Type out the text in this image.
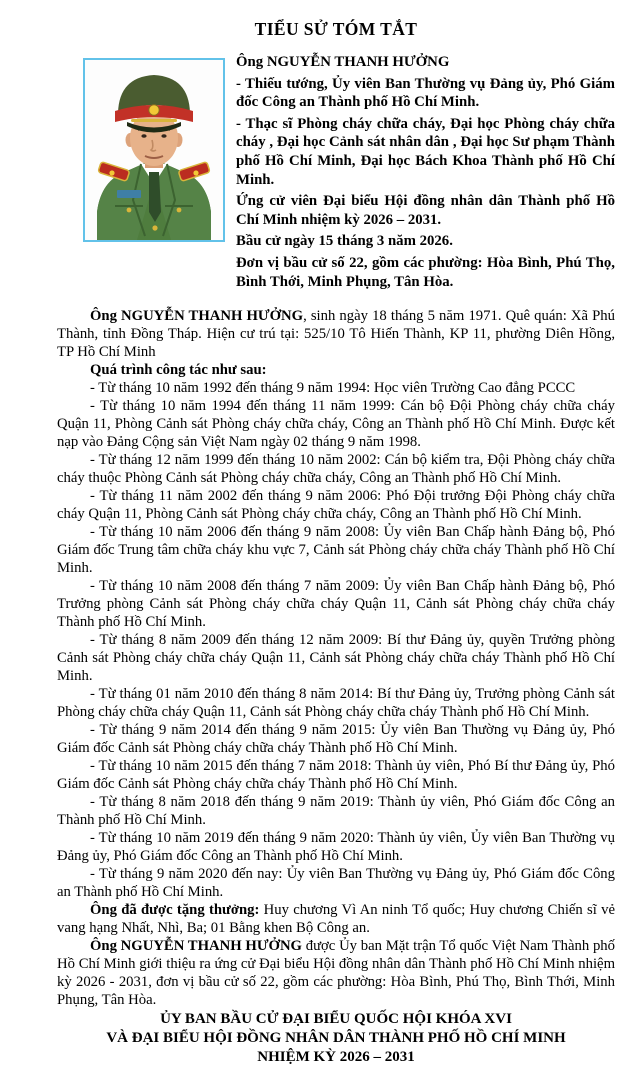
TIỂU SỬ TÓM TẮT

Ông NGUYỄN THANH HƯỞNG

- Thiếu tướng, Ủy viên Ban Thường vụ Đảng ủy, Phó Giám đốc Công an Thành phố Hồ Chí Minh.

- Thạc sĩ Phòng cháy chữa cháy, Đại học Phòng cháy chữa cháy , Đại học Cảnh sát nhân dân , Đại học Sư phạm Thành phố Hồ Chí Minh, Đại học Bách Khoa Thành phố Hồ Chí Minh.

Ứng cử viên Đại biểu Hội đồng nhân dân Thành phố Hồ Chí Minh nhiệm kỳ 2026 – 2031.

Bầu cử ngày 15 tháng 3 năm 2026.

Đơn vị bầu cử số 22, gồm các phường: Hòa Bình, Phú Thọ, Bình Thới, Minh Phụng, Tân Hòa.

Ông NGUYỄN THANH HƯỞNG, sinh ngày 18 tháng 5 năm 1971. Quê quán: Xã Phú Thành, tỉnh Đồng Tháp. Hiện cư trú tại: 525/10 Tô Hiến Thành, KP 11, phường Diên Hồng, TP Hồ Chí Minh

Quá trình công tác như sau:

- Từ tháng 10 năm 1992 đến tháng 9 năm 1994: Học viên Trường Cao đẳng PCCC

- Từ tháng 10 năm 1994 đến tháng 11 năm 1999: Cán bộ Đội Phòng cháy chữa cháy Quận 11, Phòng Cảnh sát Phòng cháy chữa cháy, Công an Thành phố Hồ Chí Minh. Được kết nạp vào Đảng Cộng sản Việt Nam ngày 02 tháng 9 năm 1998.

- Từ tháng 12 năm 1999 đến tháng 10 năm 2002: Cán bộ kiểm tra, Đội Phòng cháy chữa cháy thuộc Phòng Cảnh sát Phòng cháy chữa cháy, Công an Thành phố Hồ Chí Minh.

- Từ tháng 11 năm 2002 đến tháng 9 năm 2006: Phó Đội trưởng Đội Phòng cháy chữa cháy Quận 11, Phòng Cảnh sát Phòng cháy chữa cháy, Công an Thành phố Hồ Chí Minh.

- Từ tháng 10 năm 2006 đến tháng 9 năm 2008: Ủy viên Ban Chấp hành Đảng bộ, Phó Giám đốc Trung tâm chữa cháy khu vực 7, Cảnh sát Phòng cháy chữa cháy Thành phố Hồ Chí Minh.

- Từ tháng 10 năm 2008 đến tháng 7 năm 2009: Ủy viên Ban Chấp hành Đảng bộ, Phó Trưởng phòng Cảnh sát Phòng cháy chữa cháy Quận 11, Cảnh sát Phòng cháy chữa cháy Thành phố Hồ Chí Minh.

- Từ tháng 8 năm 2009 đến tháng 12 năm 2009: Bí thư Đảng ủy, quyền Trưởng phòng Cảnh sát Phòng cháy chữa cháy Quận 11, Cảnh sát Phòng cháy chữa cháy Thành phố Hồ Chí Minh.

- Từ tháng 01 năm 2010 đến tháng 8 năm 2014: Bí thư Đảng ủy, Trưởng phòng Cảnh sát Phòng cháy chữa cháy Quận 11, Cảnh sát Phòng cháy chữa cháy Thành phố Hồ Chí Minh.

- Từ tháng 9 năm 2014 đến tháng 9 năm 2015: Ủy viên Ban Thường vụ Đảng ủy, Phó Giám đốc Cảnh sát Phòng cháy chữa cháy Thành phố Hồ Chí Minh.

- Từ tháng 10 năm 2015 đến tháng 7 năm 2018: Thành ủy viên, Phó Bí thư Đảng ủy, Phó Giám đốc Cảnh sát Phòng cháy chữa cháy Thành phố Hồ Chí Minh.

- Từ tháng 8 năm 2018 đến tháng 9 năm 2019: Thành ủy viên, Phó Giám đốc Công an Thành phố Hồ Chí Minh.

- Từ tháng 10 năm 2019 đến tháng 9 năm 2020: Thành ủy viên, Ủy viên Ban Thường vụ Đảng ủy, Phó Giám đốc Công an Thành phố Hồ Chí Minh.

- Từ tháng 9 năm 2020 đến nay: Ủy viên Ban Thường vụ Đảng ủy, Phó Giám đốc Công an Thành phố Hồ Chí Minh.

Ông đã được tặng thưởng: Huy chương Vì An ninh Tổ quốc; Huy chương Chiến sĩ vẻ vang hạng Nhất, Nhì, Ba; 01 Bằng khen Bộ Công an.

Ông NGUYỄN THANH HƯỞNG được Ủy ban Mặt trận Tổ quốc Việt Nam Thành phố Hồ Chí Minh giới thiệu ra ứng cử Đại biểu Hội đồng nhân dân Thành phố Hồ Chí Minh nhiệm kỳ 2026 - 2031, đơn vị bầu cử số 22, gồm các phường: Hòa Bình, Phú Thọ, Bình Thới, Minh Phụng, Tân Hòa.

ỦY BAN BẦU CỬ ĐẠI BIỂU QUỐC HỘI KHÓA XVI
VÀ ĐẠI BIỂU HỘI ĐỒNG NHÂN DÂN THÀNH PHỐ HỒ CHÍ MINH
NHIỆM KỲ 2026 – 2031
